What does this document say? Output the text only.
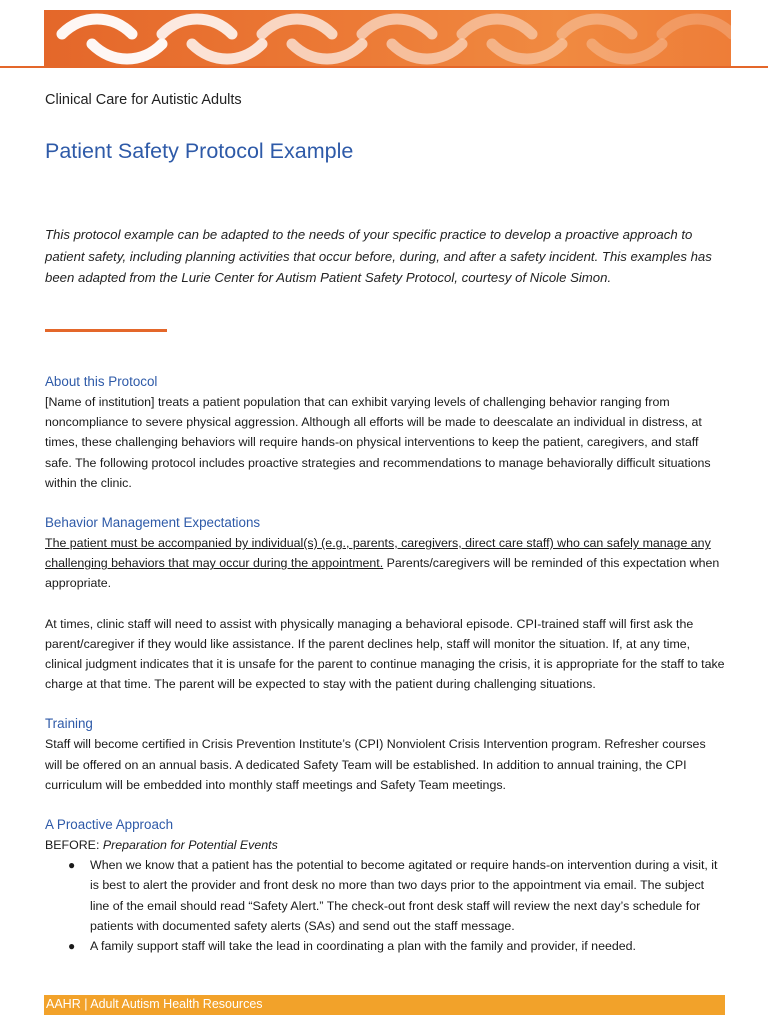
Clinical Care for Autistic Adults
Patient Safety Protocol Example

This protocol example can be adapted to the needs of your specific practice to develop a proactive approach to patient safety, including planning activities that occur before, during, and after a safety incident. This examples has been adapted from the Lurie Center for Autism Patient Safety Protocol, courtesy of Nicole Simon.

About this Protocol

[Name of institution] treats a patient population that can exhibit varying levels of challenging behavior ranging from noncompliance to severe physical aggression. Although all efforts will be made to deescalate an individual in distress, at times, these challenging behaviors will require hands-on physical interventions to keep the patient, caregivers, and staff safe. The following protocol includes proactive strategies and recommendations to manage behaviorally difficult situations within the clinic.

Behavior Management Expectations

The patient must be accompanied by individual(s) (e.g., parents, caregivers, direct care staff) who can safely manage any challenging behaviors that may occur during the appointment. Parents/caregivers will be reminded of this expectation when appropriate.

At times, clinic staff will need to assist with physically managing a behavioral episode. CPI-trained staff will first ask the parent/caregiver if they would like assistance. If the parent declines help, staff will monitor the situation. If, at any time, clinical judgment indicates that it is unsafe for the parent to continue managing the crisis, it is appropriate for the staff to take charge at that time. The parent will be expected to stay with the patient during challenging situations.

Training

Staff will become certified in Crisis Prevention Institute’s (CPI) Nonviolent Crisis Intervention program. Refresher courses will be offered on an annual basis. A dedicated Safety Team will be established. In addition to annual training, the CPI curriculum will be embedded into monthly staff meetings and Safety Team meetings.

A Proactive Approach

BEFORE: Preparation for Potential Events

● When we know that a patient has the potential to become agitated or require hands-on intervention during a visit, it is best to alert the provider and front desk no more than two days prior to the appointment via email. The subject line of the email should read “Safety Alert.” The check-out front desk staff will review the next day’s schedule for patients with documented safety alerts (SAs) and send out the staff message.
● A family support staff will take the lead in coordinating a plan with the family and provider, if needed.
AAHR | Adult Autism Health Resources
